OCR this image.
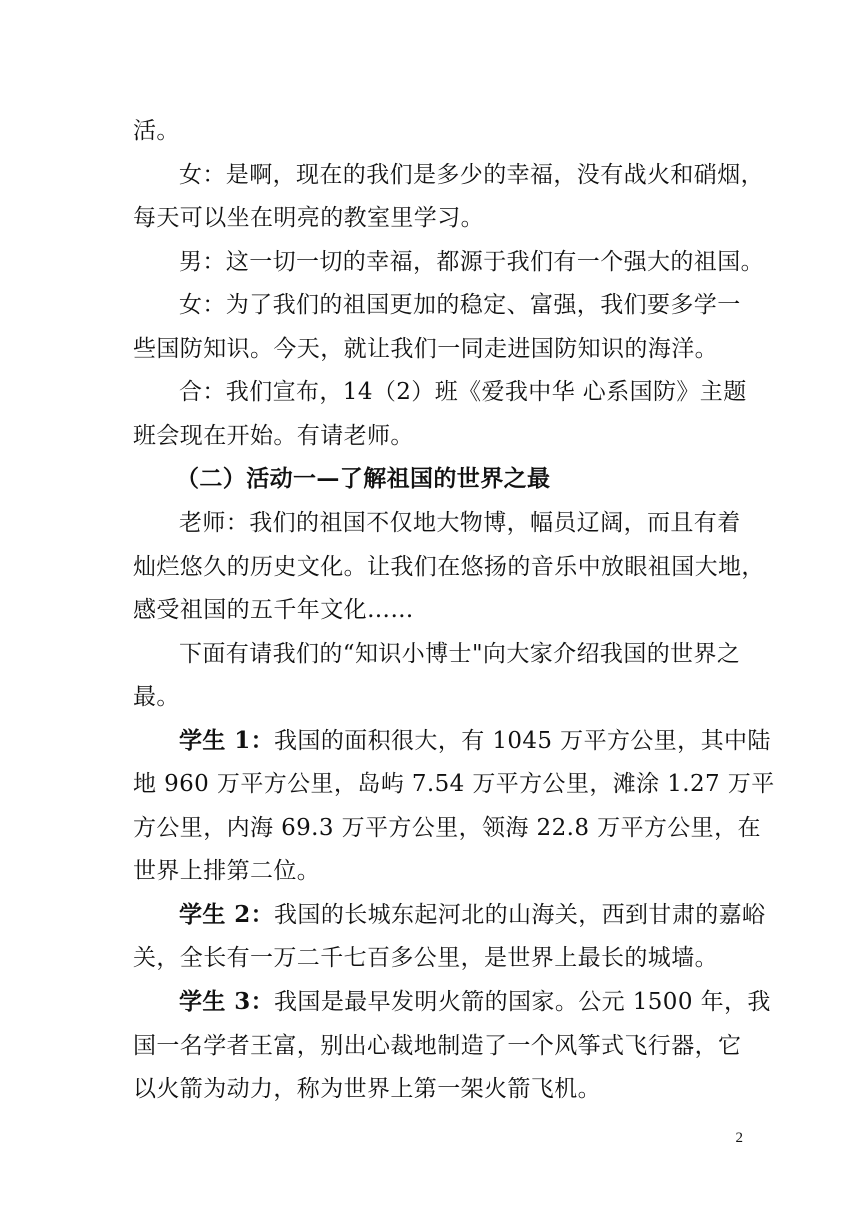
活。
女：是啊，现在的我们是多少的幸福，没有战火和硝烟，
每天可以坐在明亮的教室里学习。
男：这一切一切的幸福，都源于我们有一个强大的祖国。
女：为了我们的祖国更加的稳定、富强，我们要多学一
些国防知识。今天，就让我们一同走进国防知识的海洋。
合：我们宣布，14（2）班《爱我中华 心系国防》主题
班会现在开始。有请老师。
（二）活动一—了解祖国的世界之最
老师：我们的祖国不仅地大物博，幅员辽阔，而且有着
灿烂悠久的历史文化。让我们在悠扬的音乐中放眼祖国大地，
感受祖国的五千年文化……
下面有请我们的“知识小博士"向大家介绍我国的世界之
最。
学生 1：我国的面积很大，有 1045 万平方公里，其中陆
地 960 万平方公里，岛屿 7.54 万平方公里，滩涂 1.27 万平
方公里，内海 69.3 万平方公里，领海 22.8 万平方公里，在
世界上排第二位。
学生 2：我国的长城东起河北的山海关，西到甘肃的嘉峪
关，全长有一万二千七百多公里，是世界上最长的城墙。
学生 3：我国是最早发明火箭的国家。公元 1500 年，我
国一名学者王富，别出心裁地制造了一个风筝式飞行器，它
以火箭为动力，称为世界上第一架火箭飞机。
2
